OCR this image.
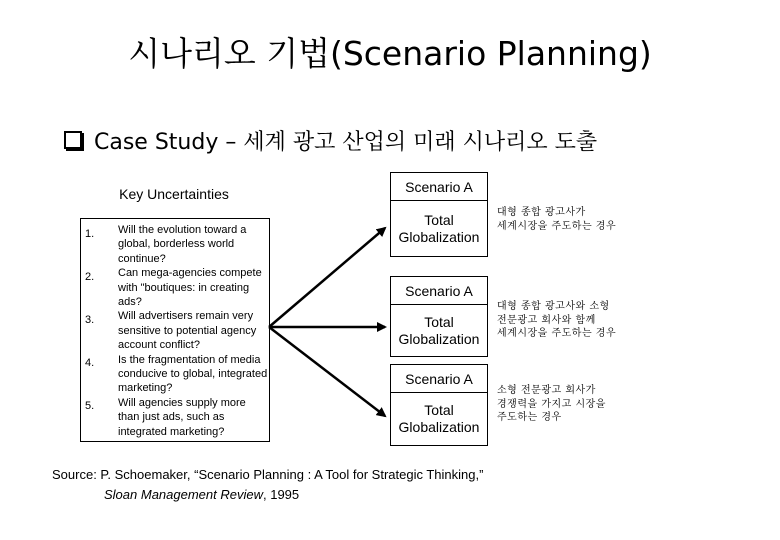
시나리오 기법(Scenario Planning)
Case Study – 세계 광고 산업의 미래 시나리오 도출
Key Uncertainties
1.
2.
3.
4.
5.
Will the evolution toward a global, borderless world continue?
Can mega-agencies compete with "boutiques: in creating ads?
Will advertisers remain very sensitive to potential agency account conflict?
Is the fragmentation of media conducive to global, integrated marketing?
Will agencies supply more than just ads, such as integrated marketing?
Scenario A
Total
Globalization
대형 종합 광고사가
세계시장을 주도하는 경우
Scenario A
Total
Globalization
대형 종합 광고사와 소형
전문광고 회사와 함께
세계시장을 주도하는 경우
Scenario A
Total
Globalization
소형 전문광고 회사가
경쟁력을 가지고 시장을
주도하는 경우
Source: P. Schoemaker, “Scenario Planning : A Tool for Strategic Thinking,”
Sloan Management Review, 1995
